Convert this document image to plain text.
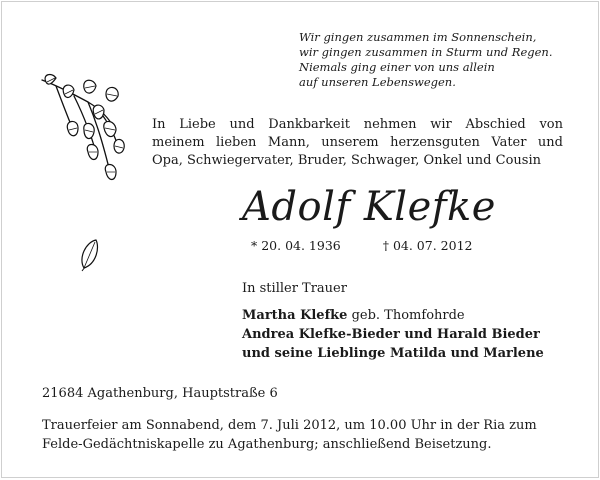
Wir gingen zusammen im Sonnenschein,
wir gingen zusammen in Sturm und Regen.
Niemals ging einer von uns allein
auf unseren Lebenswegen.
In Liebe und Dankbarkeit nehmen wir Abschied von
meinem lieben Mann, unserem herzensguten Vater und
Opa, Schwiegervater, Bruder, Schwager, Onkel und Cousin
Adolf Klefke
* 20. 04. 1936	† 04. 07. 2012
In stiller Trauer
Martha Klefke geb. Thomfohrde
Andrea Klefke-Bieder und Harald Bieder
und seine Lieblinge Matilda und Marlene
21684 Agathenburg, Hauptstraße 6
Trauerfeier am Sonnabend, dem 7. Juli 2012, um 10.00 Uhr in der Ria zum
Felde-Gedächtniskapelle zu Agathenburg; anschließend Beisetzung.
